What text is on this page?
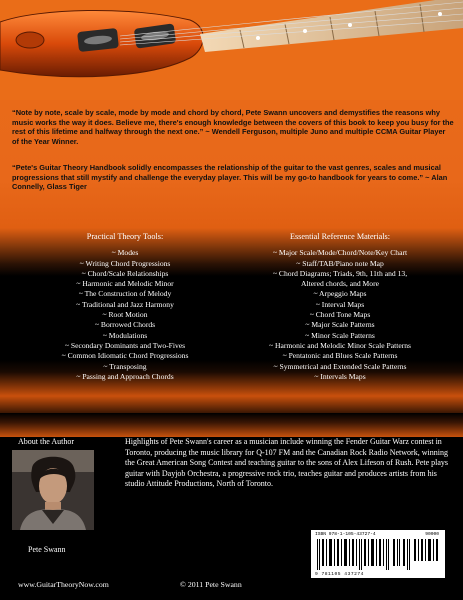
“Note by note, scale by scale, mode by mode and chord by chord, Pete Swann uncovers and demystifies the reasons why music works the way it does. Believe me, there's enough knowledge between the covers of this book to keep you busy for the rest of this lifetime and halfway through the next one.” ~ Wendell Ferguson, multiple Juno and multiple CCMA Guitar Player of the Year Winner.
“Pete's Guitar Theory Handbook solidly encompasses the relationship of the guitar to the vast genres, scales and musical progressions that still mystify and challenge the everyday player. This will be my go-to handbook for years to come.” ~ Alan Connelly, Glass Tiger
Practical Theory Tools:
~ Modes
~ Writing Chord Progressions
~ Chord/Scale Relationships
~ Harmonic and Melodic Minor
~ The Construction of Melody
~ Traditional and Jazz Harmony
~ Root Motion
~ Borrowed Chords
~ Modulations
~ Secondary Dominants and Two-Fives
~ Common Idiomatic Chord Progressions
~ Transposing
~ Passing and Approach Chords
Essential Reference Materials:
~ Major Scale/Mode/Chord/Note/Key Chart
~ Staff/TAB/Piano note Map
~ Chord Diagrams; Triads, 9th, 11th and 13,
Altered chords, and More
~ Arpeggio Maps
~ Interval Maps
~ Chord Tone Maps
~ Major Scale Patterns
~ Minor Scale Patterns
~ Harmonic and Melodic Minor Scale Patterns
~ Pentatonic and Blues Scale Patterns
~ Symmetrical and Extended Scale Patterns
~ Intervals Maps
About the Author
Pete Swann
Highlights of Pete Swann's career as a musician include winning the Fender Guitar Warz contest in Toronto, producing the music library for Q-107 FM and the Canadian Rock Radio Network, winning the Great American Song Contest and teaching guitar to the sons of Alex Lifeson of Rush. Pete plays guitar with Dayjob Orchestra, a progressive rock trio, teaches guitar and produces artists from his studio Attitude Productions, North of Toronto.
ISBN 978-1-105-43727-4	90000
9 781105 437274
www.GuitarTheoryNow.com	© 2011 Pete Swann
